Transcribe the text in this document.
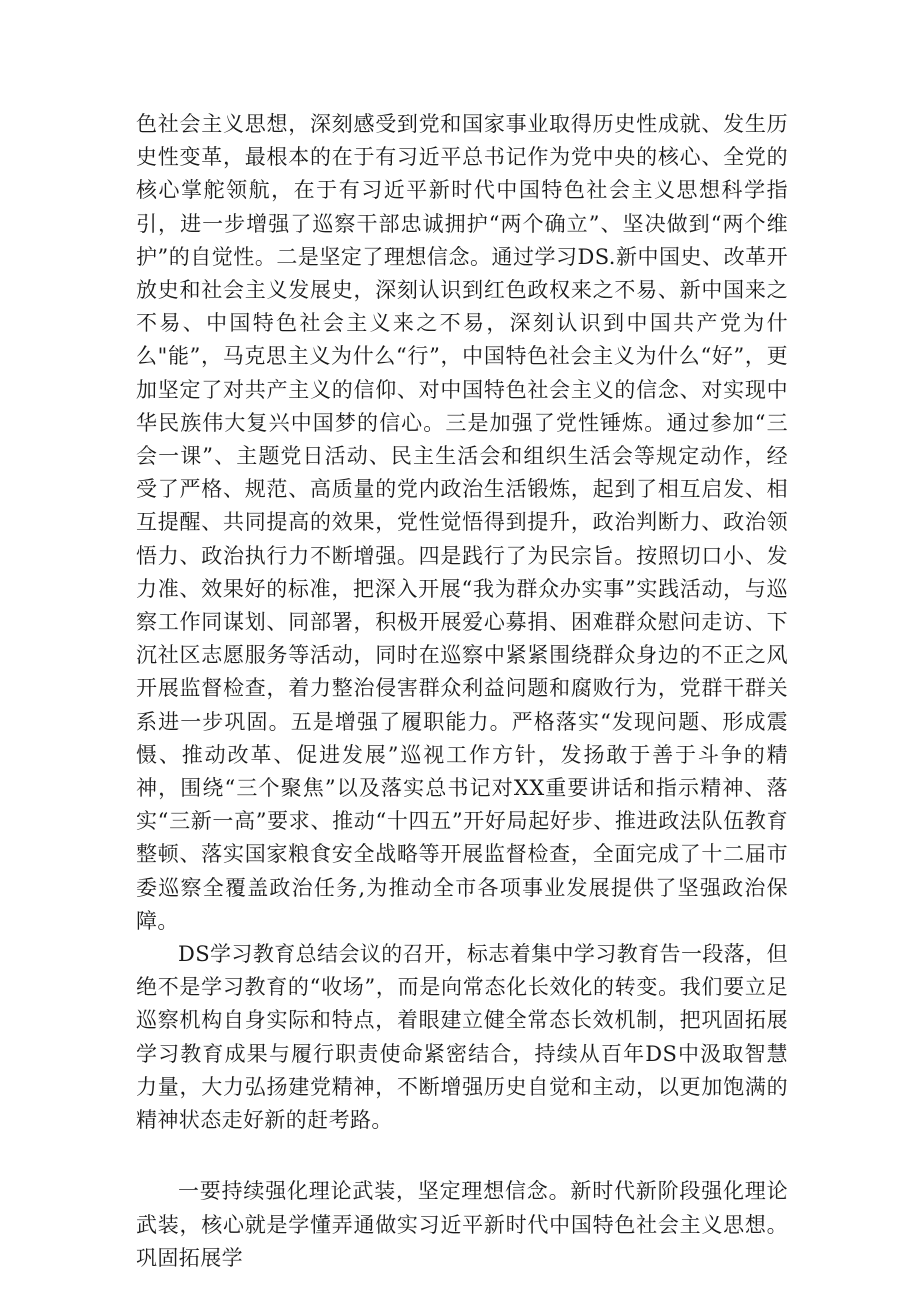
色社会主义思想，深刻感受到党和国家事业取得历史性成就、发生历史性变革，最根本的在于有习近平总书记作为党中央的核心、全党的核心掌舵领航，在于有习近平新时代中国特色社会主义思想科学指引，进一步增强了巡察干部忠诚拥护“两个确立”、坚决做到“两个维护”的自觉性。二是坚定了理想信念。通过学习DS.新中国史、改革开放史和社会主义发展史，深刻认识到红色政权来之不易、新中国来之不易、中国特色社会主义来之不易，深刻认识到中国共产党为什么"能”，马克思主义为什么“行”，中国特色社会主义为什么“好”，更加坚定了对共产主义的信仰、对中国特色社会主义的信念、对实现中华民族伟大复兴中国梦的信心。三是加强了党性锤炼。通过参加“三会一课”、主题党日活动、民主生活会和组织生活会等规定动作，经受了严格、规范、高质量的党内政治生活锻炼，起到了相互启发、相互提醒、共同提高的效果，党性觉悟得到提升，政治判断力、政治领悟力、政治执行力不断增强。四是践行了为民宗旨。按照切口小、发力准、效果好的标准，把深入开展“我为群众办实事”实践活动，与巡察工作同谋划、同部署，积极开展爱心募捐、困难群众慰问走访、下沉社区志愿服务等活动，同时在巡察中紧紧围绕群众身边的不正之风开展监督检查，着力整治侵害群众利益问题和腐败行为，党群干群关系进一步巩固。五是增强了履职能力。严格落实“发现问题、形成震慑、推动改革、促进发展”巡视工作方针，发扬敢于善于斗争的精神，围绕“三个聚焦”以及落实总书记对XX重要讲话和指示精神、落实“三新一高”要求、推动“十四五”开好局起好步、推进政法队伍教育整顿、落实国家粮食安全战略等开展监督检查，全面完成了十二届市委巡察全覆盖政治任务,为推动全市各项事业发展提供了坚强政治保障。

DS学习教育总结会议的召开，标志着集中学习教育告一段落，但绝不是学习教育的“收场”，而是向常态化长效化的转变。我们要立足巡察机构自身实际和特点，着眼建立健全常态长效机制，把巩固拓展学习教育成果与履行职责使命紧密结合，持续从百年DS中汲取智慧力量，大力弘扬建党精神，不断增强历史自觉和主动，以更加饱满的精神状态走好新的赶考路。

一要持续强化理论武装，坚定理想信念。新时代新阶段强化理论武装，核心就是学懂弄通做实习近平新时代中国特色社会主义思想。巩固拓展学
